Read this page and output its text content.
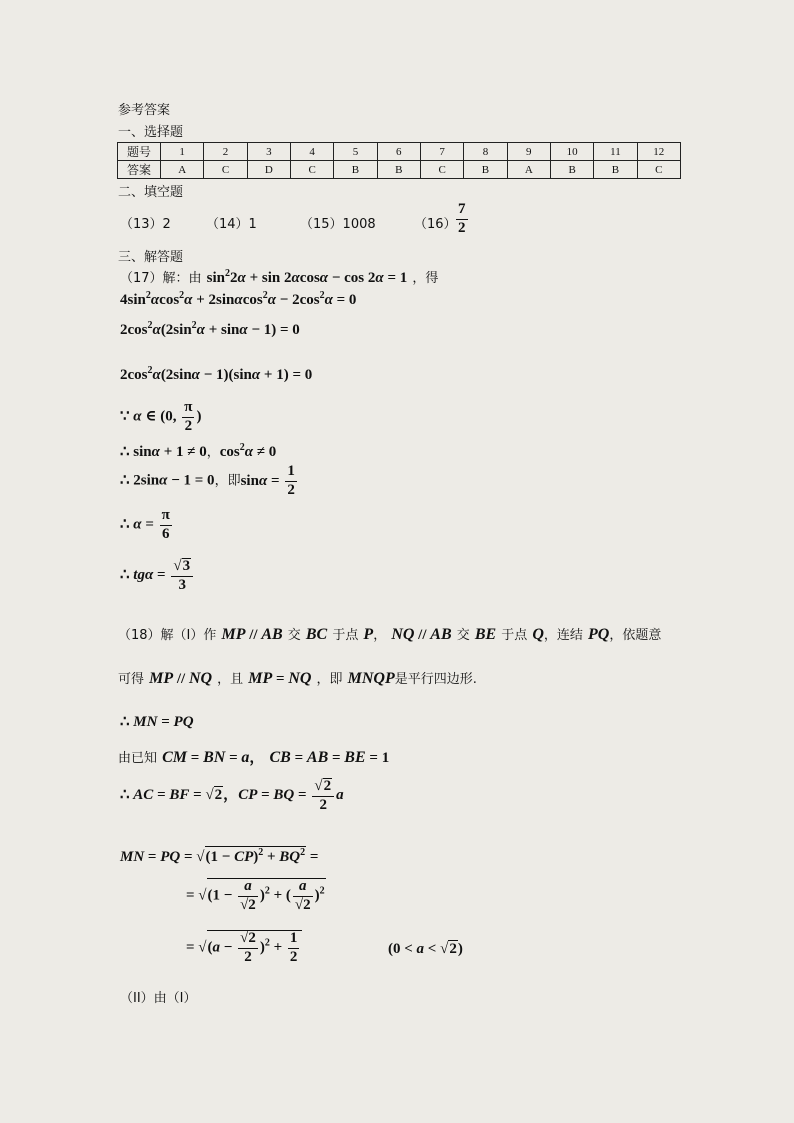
参考答案
一、选择题
题号	1	2	3	4	5	6	7	8	9	10	11	12
答案	A	C	D	C	B	B	C	B	A	B	B	C
二、填空题
（13）2	（14）1	（15）1008	$(16) \frac{7}{2}$
三、解答题
（17）解：由 $\sin^22\alpha + \sin 2\alpha\cos\alpha - \cos 2\alpha = 1$ ，得
$4\sin^2\alpha\cos^2\alpha + 2\sin\alpha\cos^2\alpha - 2\cos^2\alpha = 0$
$2\cos^2\alpha(2\sin^2\alpha + \sin\alpha - 1) = 0$
$2\cos^2\alpha(2\sin\alpha - 1)(\sin\alpha + 1) = 0$
∵ α ∈ (0, $\frac{\pi}{2}$ )
∴ sinα + 1 ≠ 0，$\cos^2\alpha \ne 0$
∴ 2sinα − 1 = 0，即$\sin\alpha = \frac{1}{2}$
∴ $\alpha = \frac{\pi}{6}$
∴ $tg\alpha = \frac{√3}{3}$
（18）解（I）作 MP // AB 交 BC 于点 P， NQ // AB 交 BE 于点 Q，连结 PQ，依题意
可得 MP // NQ ，且 MP = NQ ，即 MNQP是平行四边形.
∴ MN = PQ
由已知 CM = BN = a， CB = AB = BE = 1
∴ AC = BF = √2，CP = BQ = $\frac{√2}{2}$ a
MN = PQ = $√(1 - CP)^2 + BQ^2$ =
= $√(1 - \frac{a}{√2} )^2$ + ( $\frac{a}{√2} )^2$
= $√(a - \frac{√2}{2} )^2 + \frac{1}{2}$	(0 < a < √2)
（II）由（I）
